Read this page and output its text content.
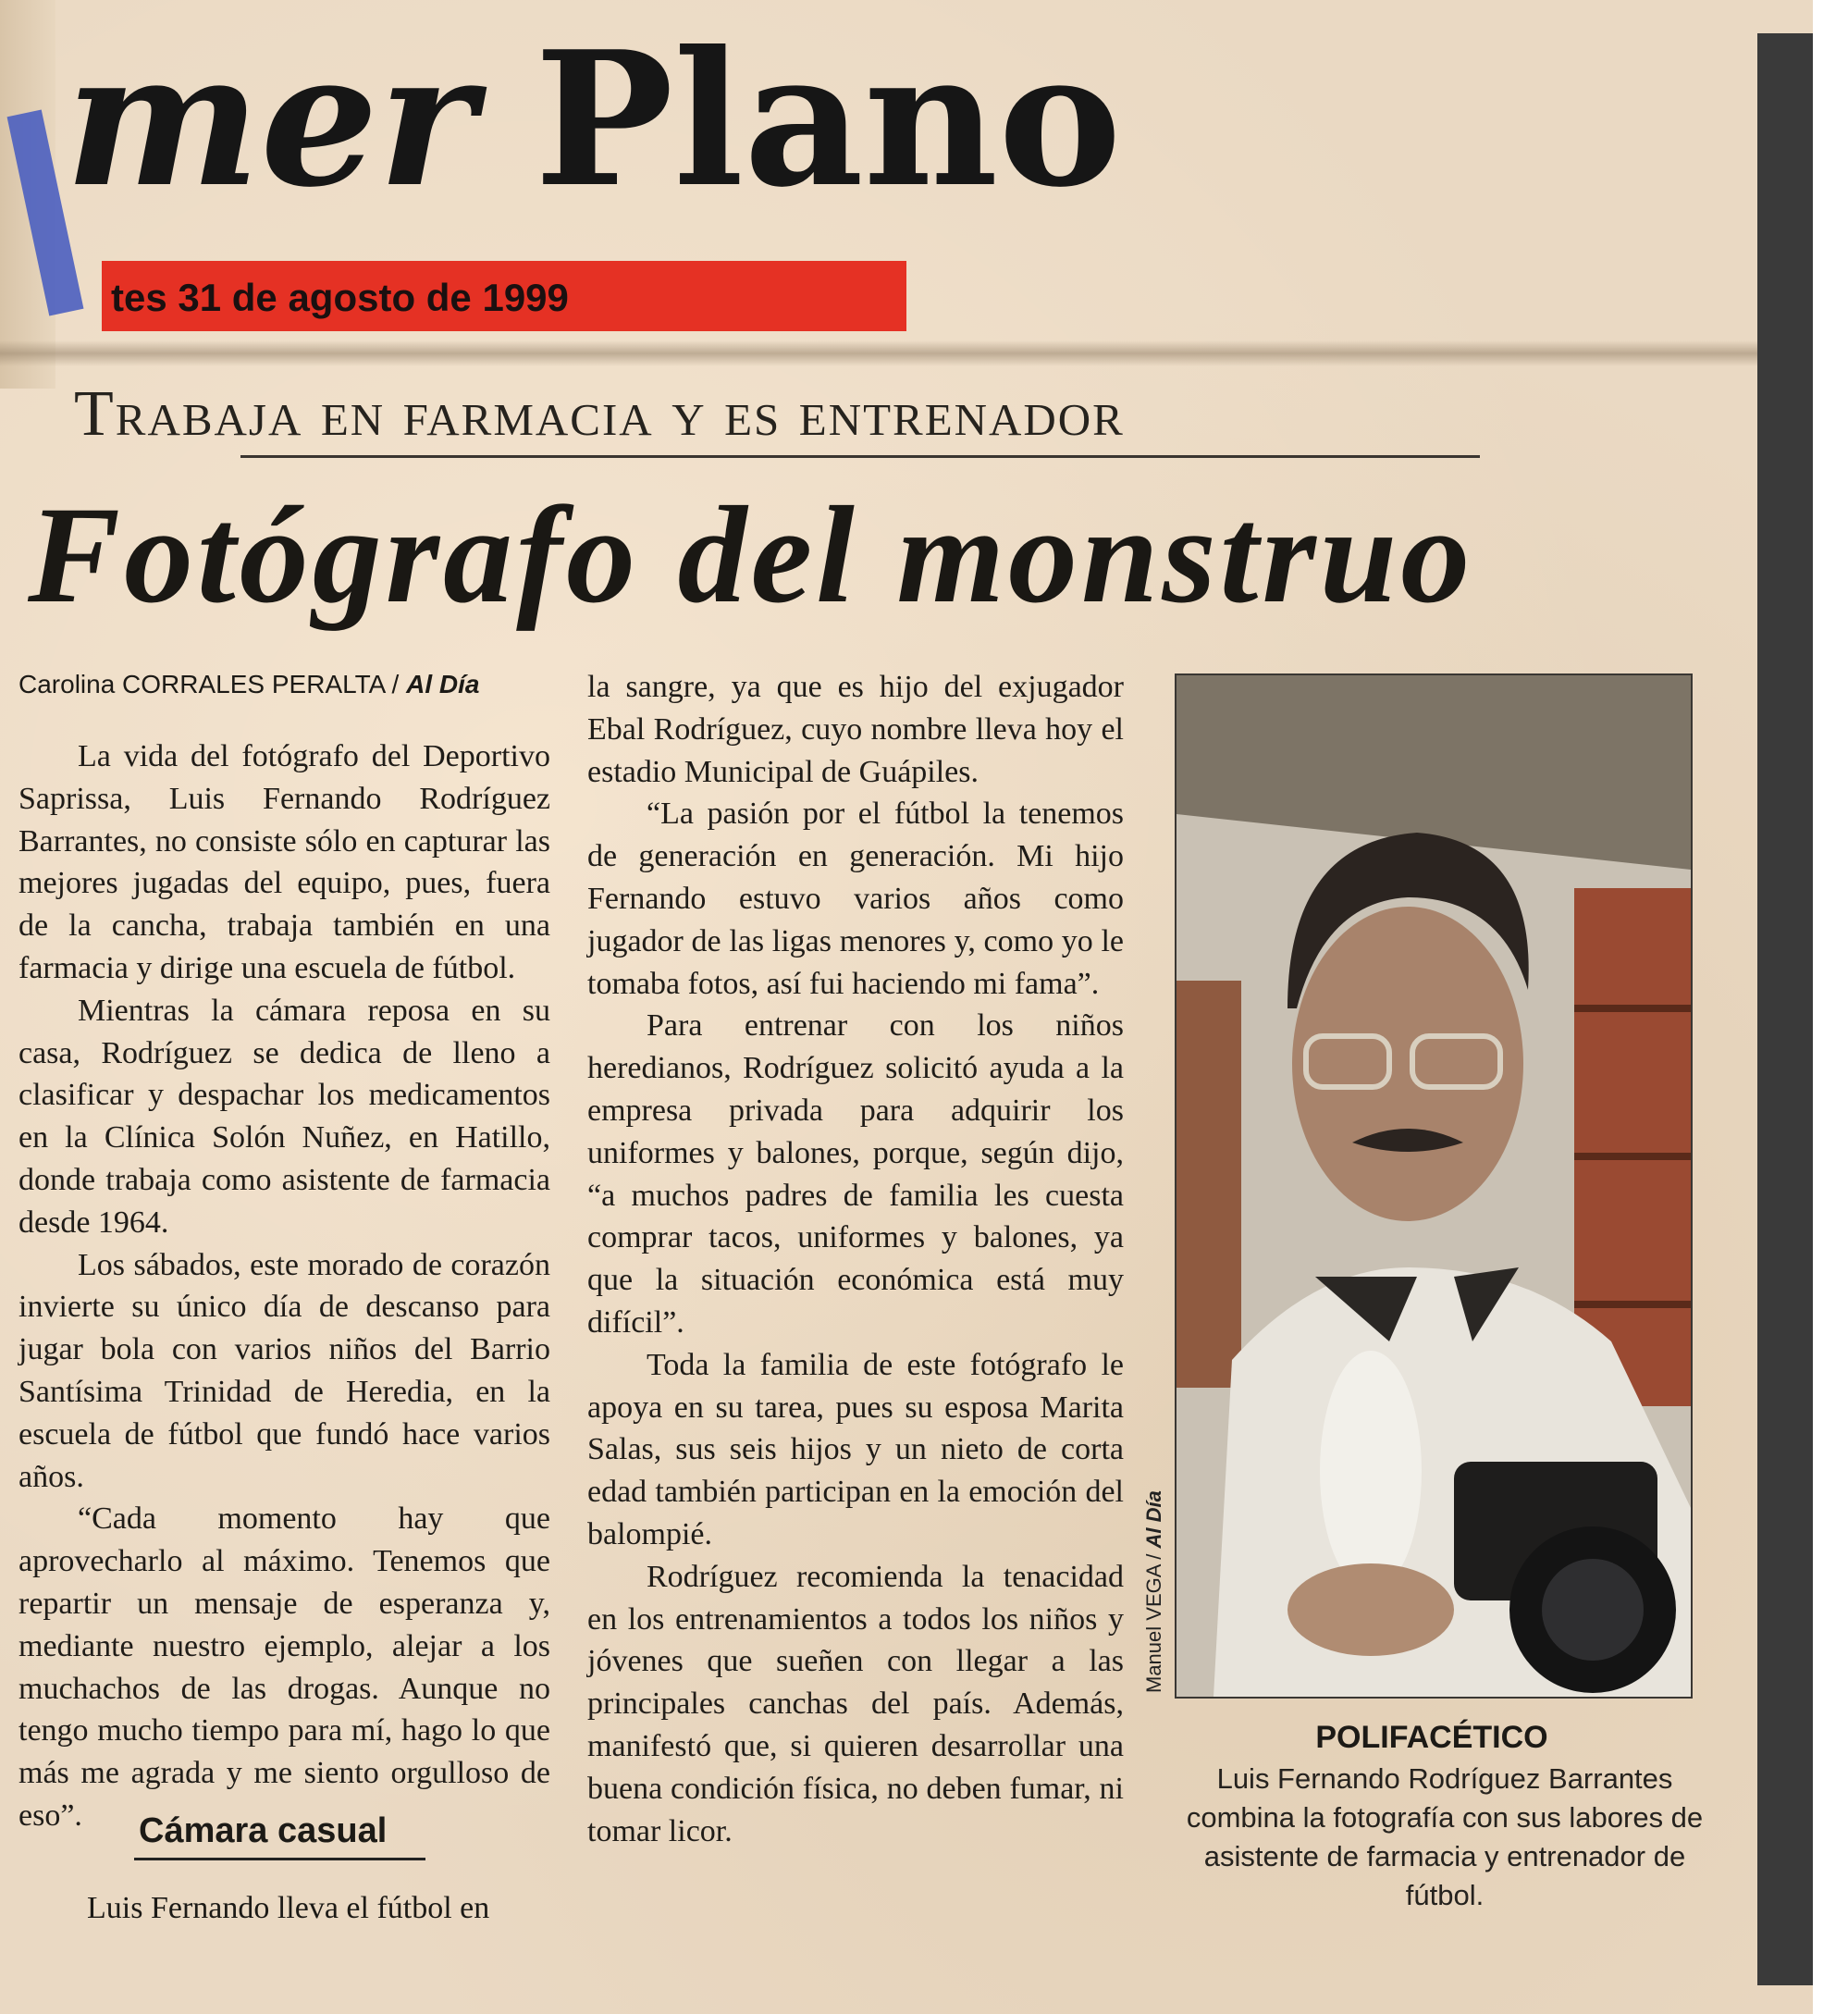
mer Plano
tes 31 de agosto de 1999
Trabaja en farmacia y es entrenador
Fotógrafo del monstruo
Carolina CORRALES PERALTA / Al Día

La vida del fotógrafo del Deportivo Saprissa, Luis Fernando Rodríguez Barrantes, no consiste sólo en capturar las mejores jugadas del equipo, pues, fuera de la cancha, trabaja también en una farmacia y dirige una escuela de fútbol.

Mientras la cámara reposa en su casa, Rodríguez se dedica de lleno a clasificar y despachar los medicamentos en la Clínica Solón Nuñez, en Hatillo, donde trabaja como asistente de farmacia desde 1964.

Los sábados, este morado de corazón invierte su único día de descanso para jugar bola con varios niños del Barrio Santísima Trinidad de Heredia, en la escuela de fútbol que fundó hace varios años.

“Cada momento hay que aprovecharlo al máximo. Tenemos que repartir un mensaje de esperanza y, mediante nuestro ejemplo, alejar a los muchachos de las drogas. Aunque no tengo mucho tiempo para mí, hago lo que más me agrada y me siento orgulloso de eso”.	Cámara casual
Luis Fernando lleva el fútbol en

la sangre, ya que es hijo del exjugador Ebal Rodríguez, cuyo nombre lleva hoy el estadio Municipal de Guápiles.

“La pasión por el fútbol la tenemos de generación en generación. Mi hijo Fernando estuvo varios años como jugador de las ligas menores y, como yo le tomaba fotos, así fui haciendo mi fama”.

Para entrenar con los niños heredianos, Rodríguez solicitó ayuda a la empresa privada para adquirir los uniformes y balones, porque, según dijo, “a muchos padres de familia les cuesta comprar tacos, uniformes y balones, ya que la situación económica está muy difícil”.

Toda la familia de este fotógrafo le apoya en su tarea, pues su esposa Marita Salas, sus seis hijos y un nieto de corta edad también participan en la emoción del balompié.

Rodríguez recomienda la tenacidad en los entrenamientos a todos los niños y jóvenes que sueñen con llegar a las principales canchas del país. Además, manifestó que, si quieren desarrollar una buena condición física, no deben fumar, ni tomar licor.

Manuel VEGA / Al Día
POLIFACÉTICO
Luis Fernando Rodríguez Barrantes combina la fotografía con sus labores de asistente de farmacia y entrenador de fútbol.
